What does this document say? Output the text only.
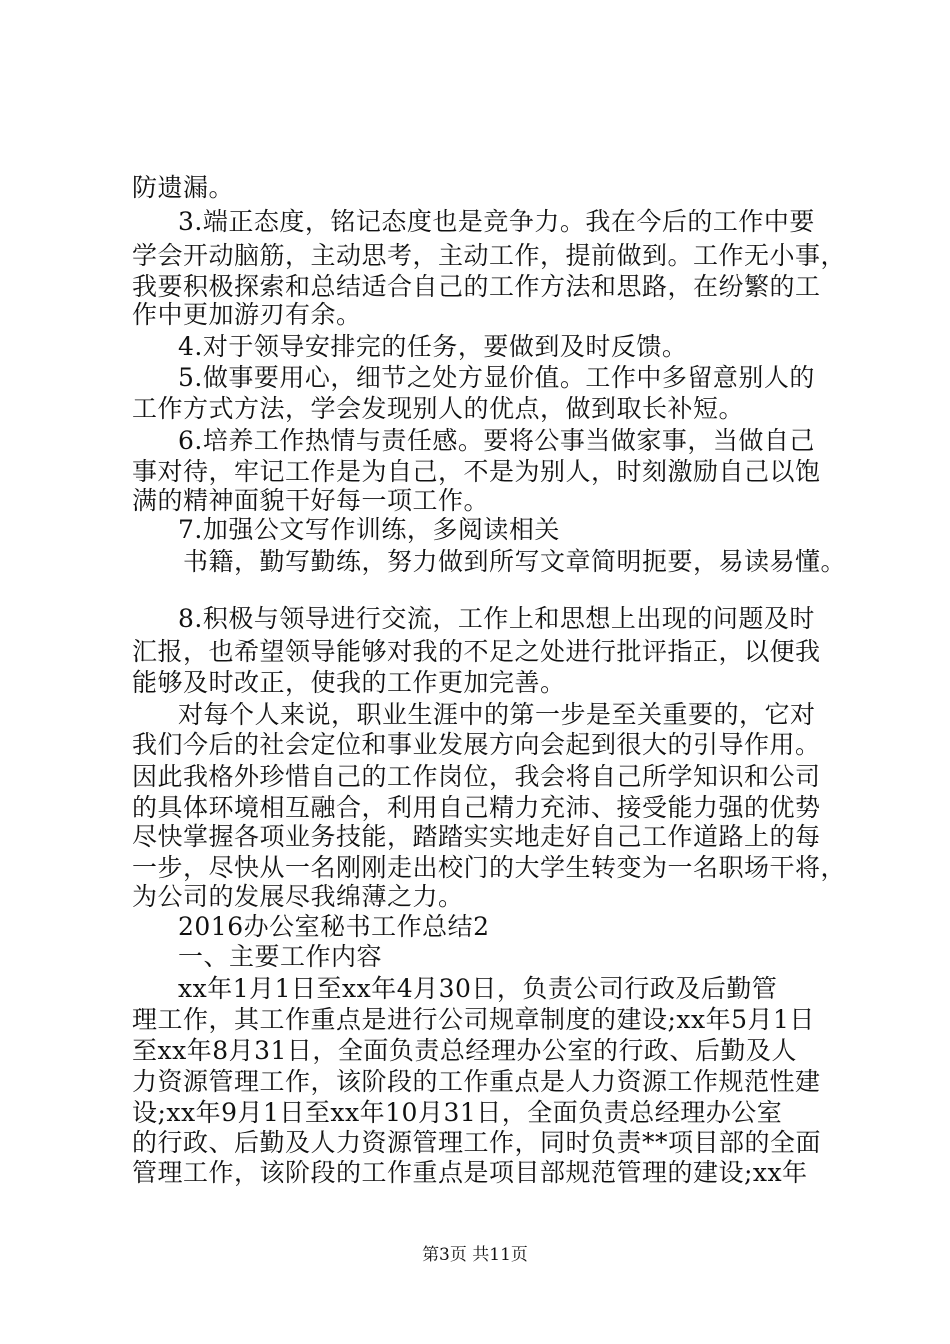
防遗漏。
3.端正态度，铭记态度也是竞争力。我在今后的工作中要
学会开动脑筋，主动思考，主动工作，提前做到。工作无小事，
我要积极探索和总结适合自己的工作方法和思路，在纷繁的工
作中更加游刃有余。
4.对于领导安排完的任务，要做到及时反馈。
5.做事要用心，细节之处方显价值。工作中多留意别人的
工作方式方法，学会发现别人的优点，做到取长补短。
6.培养工作热情与责任感。要将公事当做家事，当做自己
事对待，牢记工作是为自己，不是为别人，时刻激励自己以饱
满的精神面貌干好每一项工作。
7.加强公文写作训练，多阅读相关
书籍，勤写勤练，努力做到所写文章简明扼要，易读易懂。
8.积极与领导进行交流，工作上和思想上出现的问题及时
汇报，也希望领导能够对我的不足之处进行批评指正，以便我
能够及时改正，使我的工作更加完善。
对每个人来说，职业生涯中的第一步是至关重要的，它对
我们今后的社会定位和事业发展方向会起到很大的引导作用。
因此我格外珍惜自己的工作岗位，我会将自己所学知识和公司
的具体环境相互融合，利用自己精力充沛、接受能力强的优势
尽快掌握各项业务技能，踏踏实实地走好自己工作道路上的每
一步，尽快从一名刚刚走出校门的大学生转变为一名职场干将，
为公司的发展尽我绵薄之力。
2016办公室秘书工作总结2
一、主要工作内容
xx年1月1日至xx年4月30日，负责公司行政及后勤管
理工作，其工作重点是进行公司规章制度的建设;xx年5月1日
至xx年8月31日，全面负责总经理办公室的行政、后勤及人
力资源管理工作，该阶段的工作重点是人力资源工作规范性建
设;xx年9月1日至xx年10月31日，全面负责总经理办公室
的行政、后勤及人力资源管理工作，同时负责**项目部的全面
管理工作，该阶段的工作重点是项目部规范管理的建设;xx年
第3页 共11页
